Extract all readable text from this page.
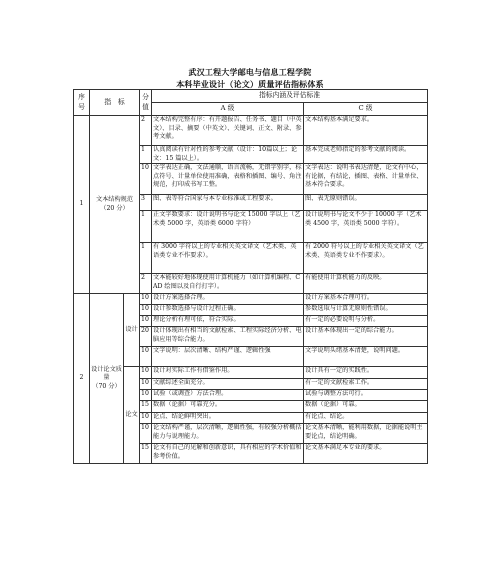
武汉工程大学邮电与信息工程学院
本科毕业设计（论文）质量评估指标体系
序号	指　标		分值	指标内涵及评估标准	
				A 级	C 级
1	文本结构规范
（20 分）		2	文本结构完整有序：有开题报告、任务书、题目（中英文）、目录、摘要（中英文）、关键词、正文、附录、参考文献。	文本结构基本满足要求。
			1	认真阅读有针对性的参考文献（设计：10篇以上；论文：15 篇以上）。	基本完成老师指定的参考文献的阅读。
			10	文字表达正确，文法通顺，语言流畅，无错字别字，标点符号、计量单位使用准确，表格和插图、编号、角注规范，打印成书写工整。	文字表达：说明书表达清楚，论文有中心，有论据，有结论，插图、表格、计量单位、基本符合要求。
			3	图、表等符合国家与本专业标准或工程要求。	图、表无原则错误。
			1	正文字数要求：设计说明书与论文 15000 字以上（艺术类 5000 字，英语类 6000 字符）	设计说明书与论文不少于 10000 字（艺术类 4500 字，英语类 5000 字符）。
			1	有 3000 字符以上的专业相关英文译文（艺术类、英语类专业不作要求）。	有 2000 符号以上的专业相关英文译文（艺术类、英语类专业不作要求）。
			2	文本能较好地体现使用计算机能力（如计算机编程、CAD 绘图以及自行打字）。	有能使用计算机能力的反映。
2	设计论文质量
（70 分）	设计	10	设计方案选择合理。	设计方案基本合理可行。
			10	设计参数选择与设计过程正确。	参数选取与计算无原则性错误。
			10	理论分析有理可依，符合实际。	有一定的必要说明与分析。
			20	设计体现出有相当的文献检索、工程实际经济分析、电脑应用等综合能力。	设计基本体现出一定的综合能力。
			10	文字说明：层次清晰、结构严谨、逻辑性强	文字说明头绪基本清楚，说明问题。
		论文	10	设计对实际工作有借鉴作用。	设计具有一定的实践性。
			10	文献综述全面充分。	有一定的文献检索工作。
			10	试验（或调查）方法合理。	试验与调整方法可行。
			15	数据（论据）可靠充分。	数据（论据）可靠。
			10	论点、结论鲜明突出。	有论点、结论。
			10	论文结构严谨，层次清晰，逻辑性强，有较强分析概括能力与说理能力。	论文基本清晰，能利用数据，论据能说明主要论点，结论明确。
			15	论文有自己的见解和创新意识，具有相应的学术价值和参考价值。	论文基本满足本专业的要求。
